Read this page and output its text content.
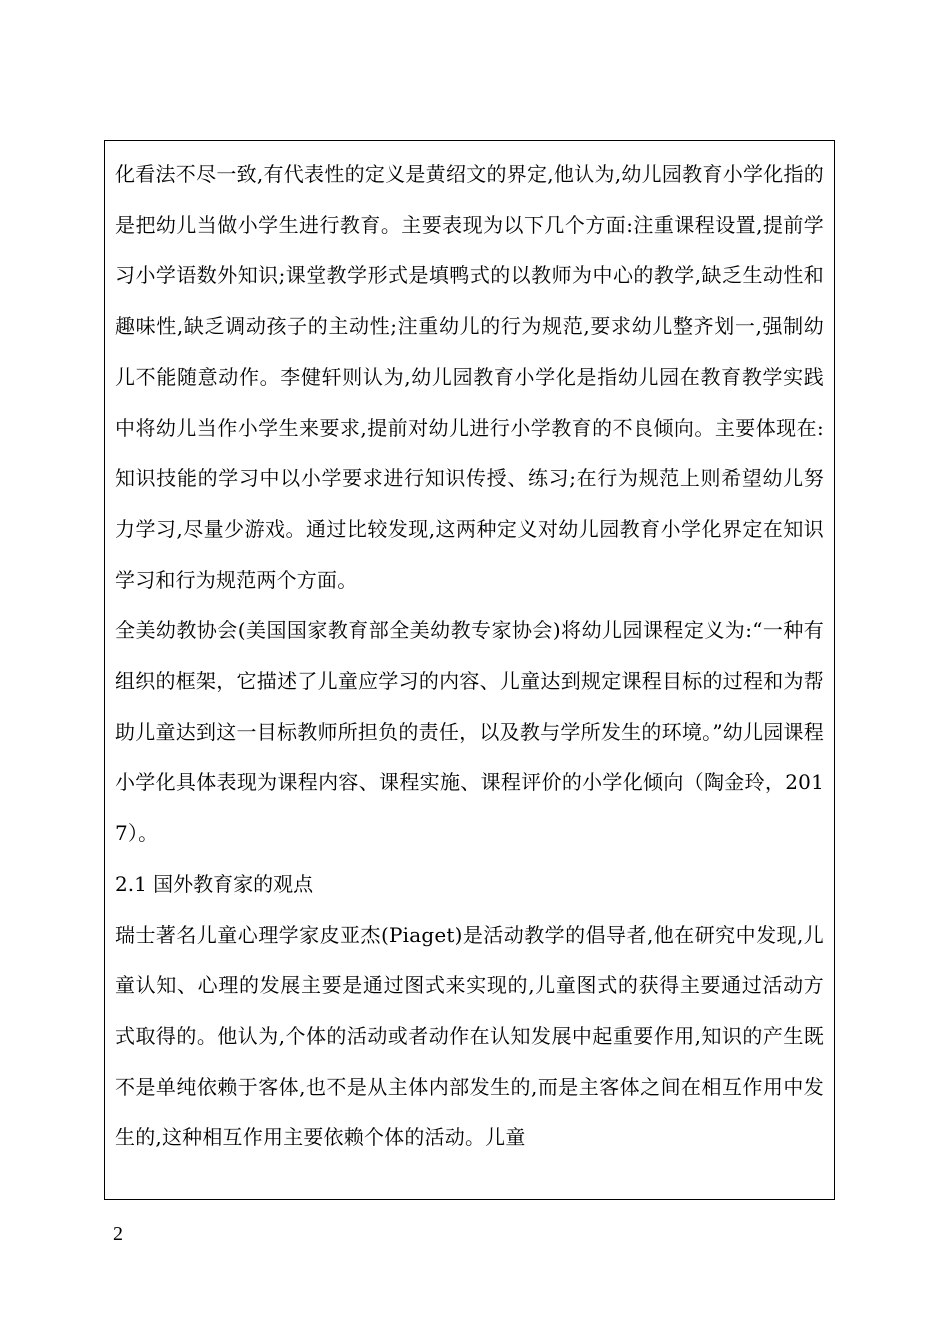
化看法不尽一致,有代表性的定义是黄绍文的界定,他认为,幼儿园教育小学化指的是把幼儿当做小学生进行教育。主要表现为以下几个方面:注重课程设置,提前学习小学语数外知识;课堂教学形式是填鸭式的以教师为中心的教学,缺乏生动性和趣味性,缺乏调动孩子的主动性;注重幼儿的行为规范,要求幼儿整齐划一,强制幼儿不能随意动作。李健轩则认为,幼儿园教育小学化是指幼儿园在教育教学实践中将幼儿当作小学生来要求,提前对幼儿进行小学教育的不良倾向。主要体现在:知识技能的学习中以小学要求进行知识传授、练习;在行为规范上则希望幼儿努力学习,尽量少游戏。通过比较发现,这两种定义对幼儿园教育小学化界定在知识学习和行为规范两个方面。

全美幼教协会(美国国家教育部全美幼教专家协会)将幼儿园课程定义为:“一种有组织的框架，它描述了儿童应学习的内容、儿童达到规定课程目标的过程和为帮助儿童达到这一目标教师所担负的责任，以及教与学所发生的环境。”幼儿园课程小学化具体表现为课程内容、课程实施、课程评价的小学化倾向（陶金玲，2017）。

2.1 国外教育家的观点

瑞士著名儿童心理学家皮亚杰(Piaget)是活动教学的倡导者,他在研究中发现,儿童认知、心理的发展主要是通过图式来实现的,儿童图式的获得主要通过活动方式取得的。他认为,个体的活动或者动作在认知发展中起重要作用,知识的产生既不是单纯依赖于客体,也不是从主体内部发生的,而是主客体之间在相互作用中发生的,这种相互作用主要依赖个体的活动。儿童

2
